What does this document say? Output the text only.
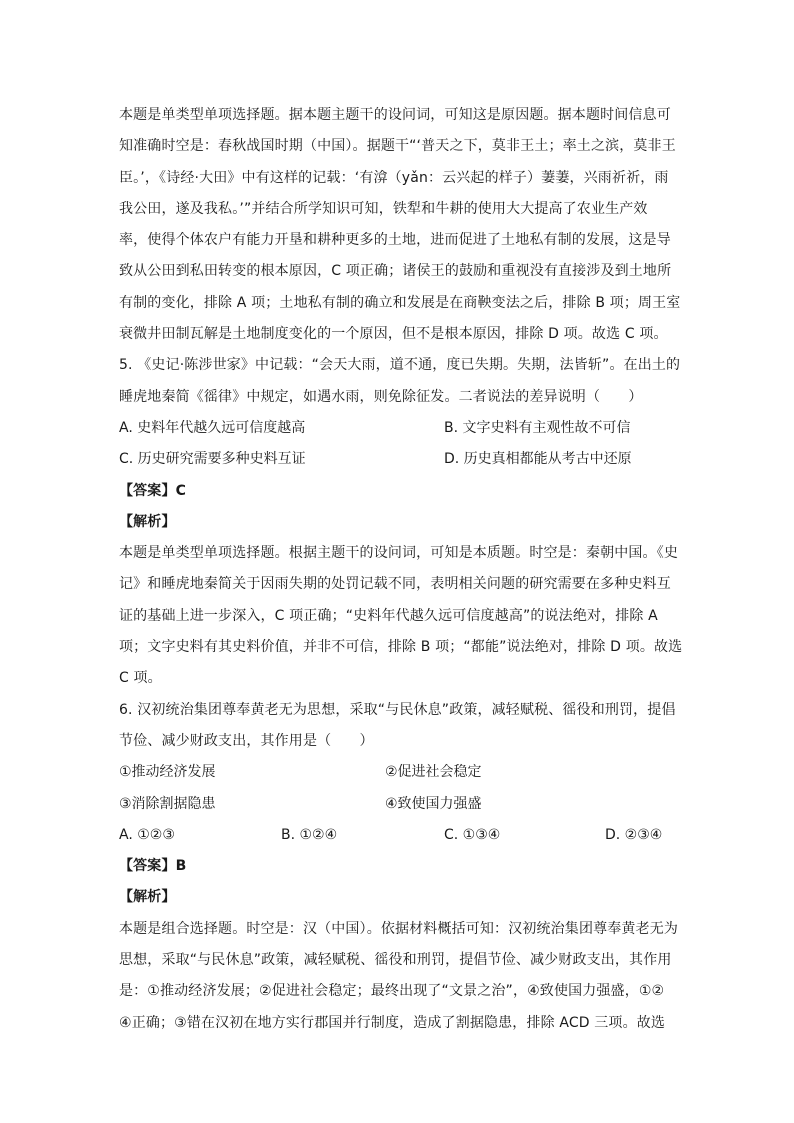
本题是单类型单项选择题。据本题主题干的设问词，可知这是原因题。据本题时间信息可
知准确时空是：春秋战国时期（中国）。据题干“‘普天之下，莫非王土；率土之滨，莫非王
臣。’，《诗经·大田》中有这样的记载：‘有渰（yǎn：云兴起的样子）萋萋，兴雨祈祈，雨
我公田，遂及我私。’”并结合所学知识可知，铁犁和牛耕的使用大大提高了农业生产效
率，使得个体农户有能力开垦和耕种更多的土地，进而促进了土地私有制的发展，这是导
致从公田到私田转变的根本原因，C 项正确；诸侯王的鼓励和重视没有直接涉及到土地所
有制的变化，排除 A 项；土地私有制的确立和发展是在商鞅变法之后，排除 B 项；周王室
衰微井田制瓦解是土地制度变化的一个原因，但不是根本原因，排除 D 项。故选 C 项。
5. 《史记·陈涉世家》中记载：“会天大雨，道不通，度已失期。失期，法皆斩”。在出土的
睡虎地秦简《徭律》中规定，如遇水雨，则免除征发。二者说法的差异说明（　　）
A. 史料年代越久远可信度越高	B. 文字史料有主观性故不可信
C. 历史研究需要多种史料互证	D. 历史真相都能从考古中还原
【答案】C
【解析】
本题是单类型单项选择题。根据主题干的设问词，可知是本质题。时空是：秦朝中国。《史
记》和睡虎地秦简关于因雨失期的处罚记载不同，表明相关问题的研究需要在多种史料互
证的基础上进一步深入，C 项正确；“史料年代越久远可信度越高”的说法绝对，排除 A
项；文字史料有其史料价值，并非不可信，排除 B 项；“都能”说法绝对，排除 D 项。故选
C 项。
6. 汉初统治集团尊奉黄老无为思想，采取“与民休息”政策，减轻赋税、徭役和刑罚，提倡
节俭、减少财政支出，其作用是（　　）
①推动经济发展	②促进社会稳定
③消除割据隐患	④致使国力强盛
A. ①②③	B. ①②④	C. ①③④	D. ②③④
【答案】B
【解析】
本题是组合选择题。时空是：汉（中国）。依据材料概括可知：汉初统治集团尊奉黄老无为
思想，采取“与民休息”政策，减轻赋税、徭役和刑罚，提倡节俭、减少财政支出，其作用
是：①推动经济发展；②促进社会稳定；最终出现了“文景之治”，④致使国力强盛，①②
④正确；③错在汉初在地方实行郡国并行制度，造成了割据隐患，排除 ACD 三项。故选
